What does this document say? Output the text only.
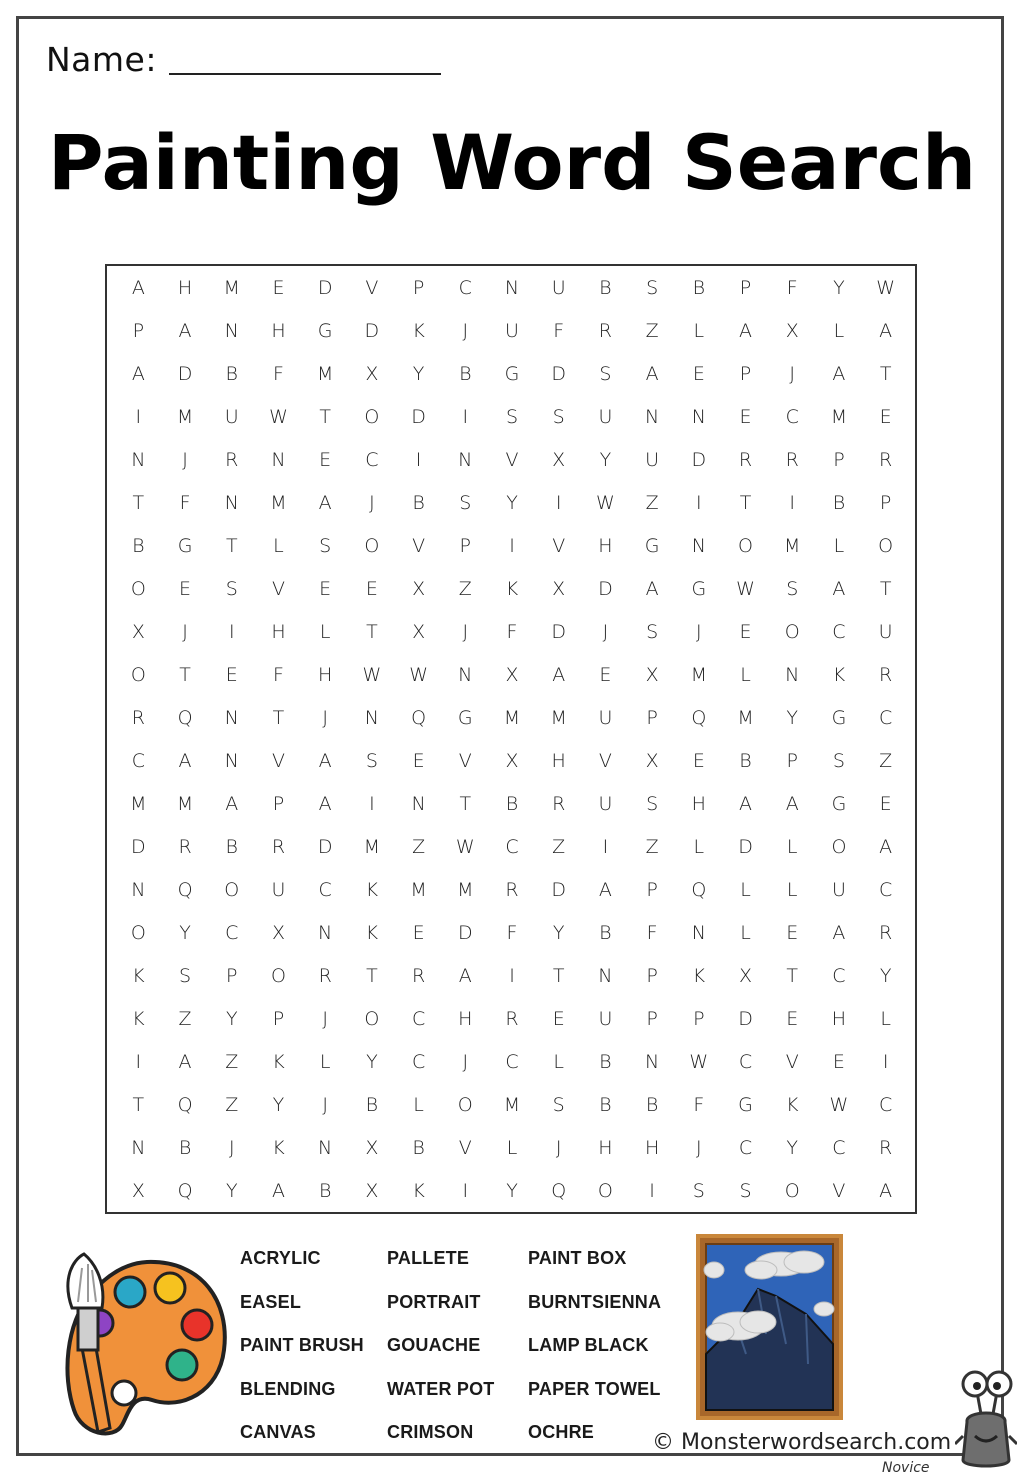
Name:
Painting Word Search
A	H	M	E	D	V	P	C	N	U	B	S	B	P	F	Y	W
P	A	N	H	G	D	K	J	U	F	R	Z	L	A	X	L	A
A	D	B	F	M	X	Y	B	G	D	S	A	E	P	J	A	T
I	M	U	W	T	O	D	I	S	S	U	N	N	E	C	M	E
N	J	R	N	E	C	I	N	V	X	Y	U	D	R	R	P	R
T	F	N	M	A	J	B	S	Y	I	W	Z	I	T	I	B	P
B	G	T	L	S	O	V	P	I	V	H	G	N	O	M	L	O
O	E	S	V	E	E	X	Z	K	X	D	A	G	W	S	A	T
X	J	I	H	L	T	X	J	F	D	J	S	J	E	O	C	U
O	T	E	F	H	W	W	N	X	A	E	X	M	L	N	K	R
R	Q	N	T	J	N	Q	G	M	M	U	P	Q	M	Y	G	C
C	A	N	V	A	S	E	V	X	H	V	X	E	B	P	S	Z
M	M	A	P	A	I	N	T	B	R	U	S	H	A	A	G	E
D	R	B	R	D	M	Z	W	C	Z	I	Z	L	D	L	O	A
N	Q	O	U	C	K	M	M	R	D	A	P	Q	L	L	U	C
O	Y	C	X	N	K	E	D	F	Y	B	F	N	L	E	A	R
K	S	P	O	R	T	R	A	I	T	N	P	K	X	T	C	Y
K	Z	Y	P	J	O	C	H	R	E	U	P	P	D	E	H	L
I	A	Z	K	L	Y	C	J	C	L	B	N	W	C	V	E	I
T	Q	Z	Y	J	B	L	O	M	S	B	B	F	G	K	W	C
N	B	J	K	N	X	B	V	L	J	H	H	J	C	Y	C	R
X	Q	Y	A	B	X	K	I	Y	Q	O	I	S	S	O	V	A
ACRYLIC	PALLETE	PAINT BOX
EASEL	PORTRAIT	BURNTSIENNA
PAINT BRUSH	GOUACHE	LAMP BLACK
BLENDING	WATER POT	PAPER TOWEL
CANVAS	CRIMSON	OCHRE	© Monsterwordsearch.com
Novice
